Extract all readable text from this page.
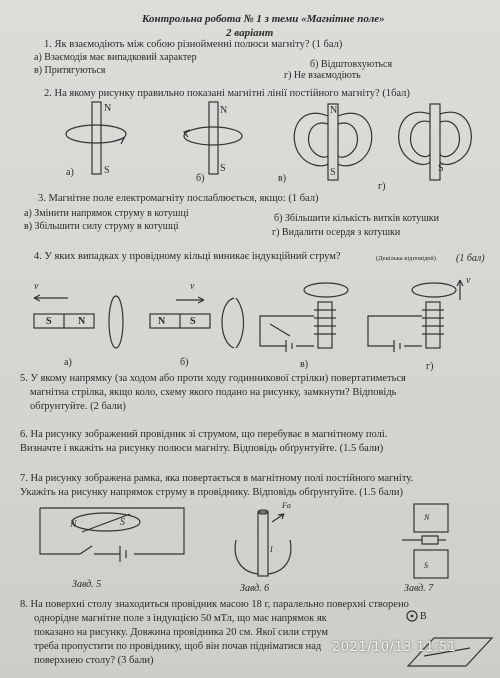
Контрольна робота № 1 з теми «Магнітне поле»
2 варіант
1. Як взаємодіють між собою різнойменні полюси магніту? (1 бал)
а) Взаємодія має випадковий характер
б) Відштовхуються
в) Притягуються	г) Не взаємодіють
2. На якому рисунку правильно показані магнітні лінії постійного магніту? (1бал)
N
S
а)
N
S
б)
N
S
в)
S
г)
3. Магнітне поле електромагніту послаблюється, якщо: (1 бал)
а) Змінити напрямок струму в котушці	б) Збільшити кількість витків котушки
в) Збільшити силу струму в котушці
г) Видалити осердя з котушки
4. У яких випадках у провідному кільці виникає індукційний струм?	(Декілька відповідей) (1 бал)
v
S	N
а)
v
N S
б)	в)
v
г)
5. У якому напрямку (за ходом або проти ходу годинникової стрілки) повертатиметься
магнітна стрілка, якщо коло, схему якого подано на рисунку, замкнути? Відповідь
обґрунтуйте. (2 бали)
6. На рисунку зображений провідник зі струмом, що перебуває в магнітному полі.
Визначте і вкажіть на рисунку полюси магніту. Відповідь обґрунтуйте. (1.5 бали)
7. На рисунку зображена рамка, яка повертається в магнітному полі постійного магніту.
Укажіть на рисунку напрямок струму в провіднику. Відповідь обґрунтуйте. (1.5 бали)
N	S
Завд. 5
Fa
I
Завд. 6
N
S
Завд. 7
8. На поверхні столу знаходиться провідник масою 18 г, паралельно поверхні створено
однорідне магнітне поле з індукцією 50 мТл, що має напрямок як
показано на рисунку. Довжина провідника 20 см. Якої сили струм
треба пропустити по провіднику, щоб він почав підніматися над
поверхнею столу? (3 бали)
B
2021/10/13 11:51
